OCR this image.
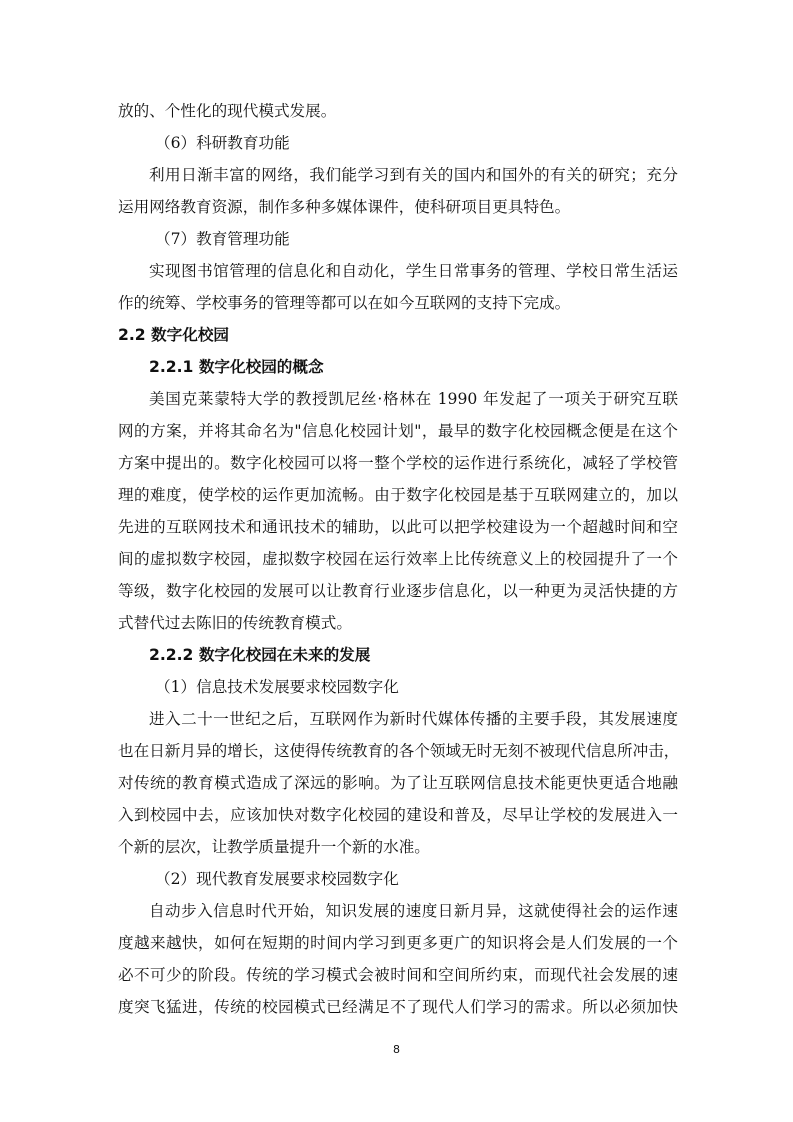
放的、个性化的现代模式发展。
（6）科研教育功能
利用日渐丰富的网络，我们能学习到有关的国内和国外的有关的研究；充分
运用网络教育资源，制作多种多媒体课件，使科研项目更具特色。
（7）教育管理功能
实现图书馆管理的信息化和自动化，学生日常事务的管理、学校日常生活运
作的统筹、学校事务的管理等都可以在如今互联网的支持下完成。
2.2 数字化校园
2.2.1 数字化校园的概念
美国克莱蒙特大学的教授凯尼丝·格林在 1990 年发起了一项关于研究互联
网的方案，并将其命名为"信息化校园计划"，最早的数字化校园概念便是在这个
方案中提出的。数字化校园可以将一整个学校的运作进行系统化，减轻了学校管
理的难度，使学校的运作更加流畅。由于数字化校园是基于互联网建立的，加以
先进的互联网技术和通讯技术的辅助，以此可以把学校建设为一个超越时间和空
间的虚拟数字校园，虚拟数字校园在运行效率上比传统意义上的校园提升了一个
等级，数字化校园的发展可以让教育行业逐步信息化，以一种更为灵活快捷的方
式替代过去陈旧的传统教育模式。
2.2.2 数字化校园在未来的发展
（1）信息技术发展要求校园数字化
进入二十一世纪之后，互联网作为新时代媒体传播的主要手段，其发展速度
也在日新月异的增长，这使得传统教育的各个领域无时无刻不被现代信息所冲击，
对传统的教育模式造成了深远的影响。为了让互联网信息技术能更快更适合地融
入到校园中去，应该加快对数字化校园的建设和普及，尽早让学校的发展进入一
个新的层次，让教学质量提升一个新的水准。
（2）现代教育发展要求校园数字化
自动步入信息时代开始，知识发展的速度日新月异，这就使得社会的运作速
度越来越快，如何在短期的时间内学习到更多更广的知识将会是人们发展的一个
必不可少的阶段。传统的学习模式会被时间和空间所约束，而现代社会发展的速
度突飞猛进，传统的校园模式已经满足不了现代人们学习的需求。所以必须加快
8
